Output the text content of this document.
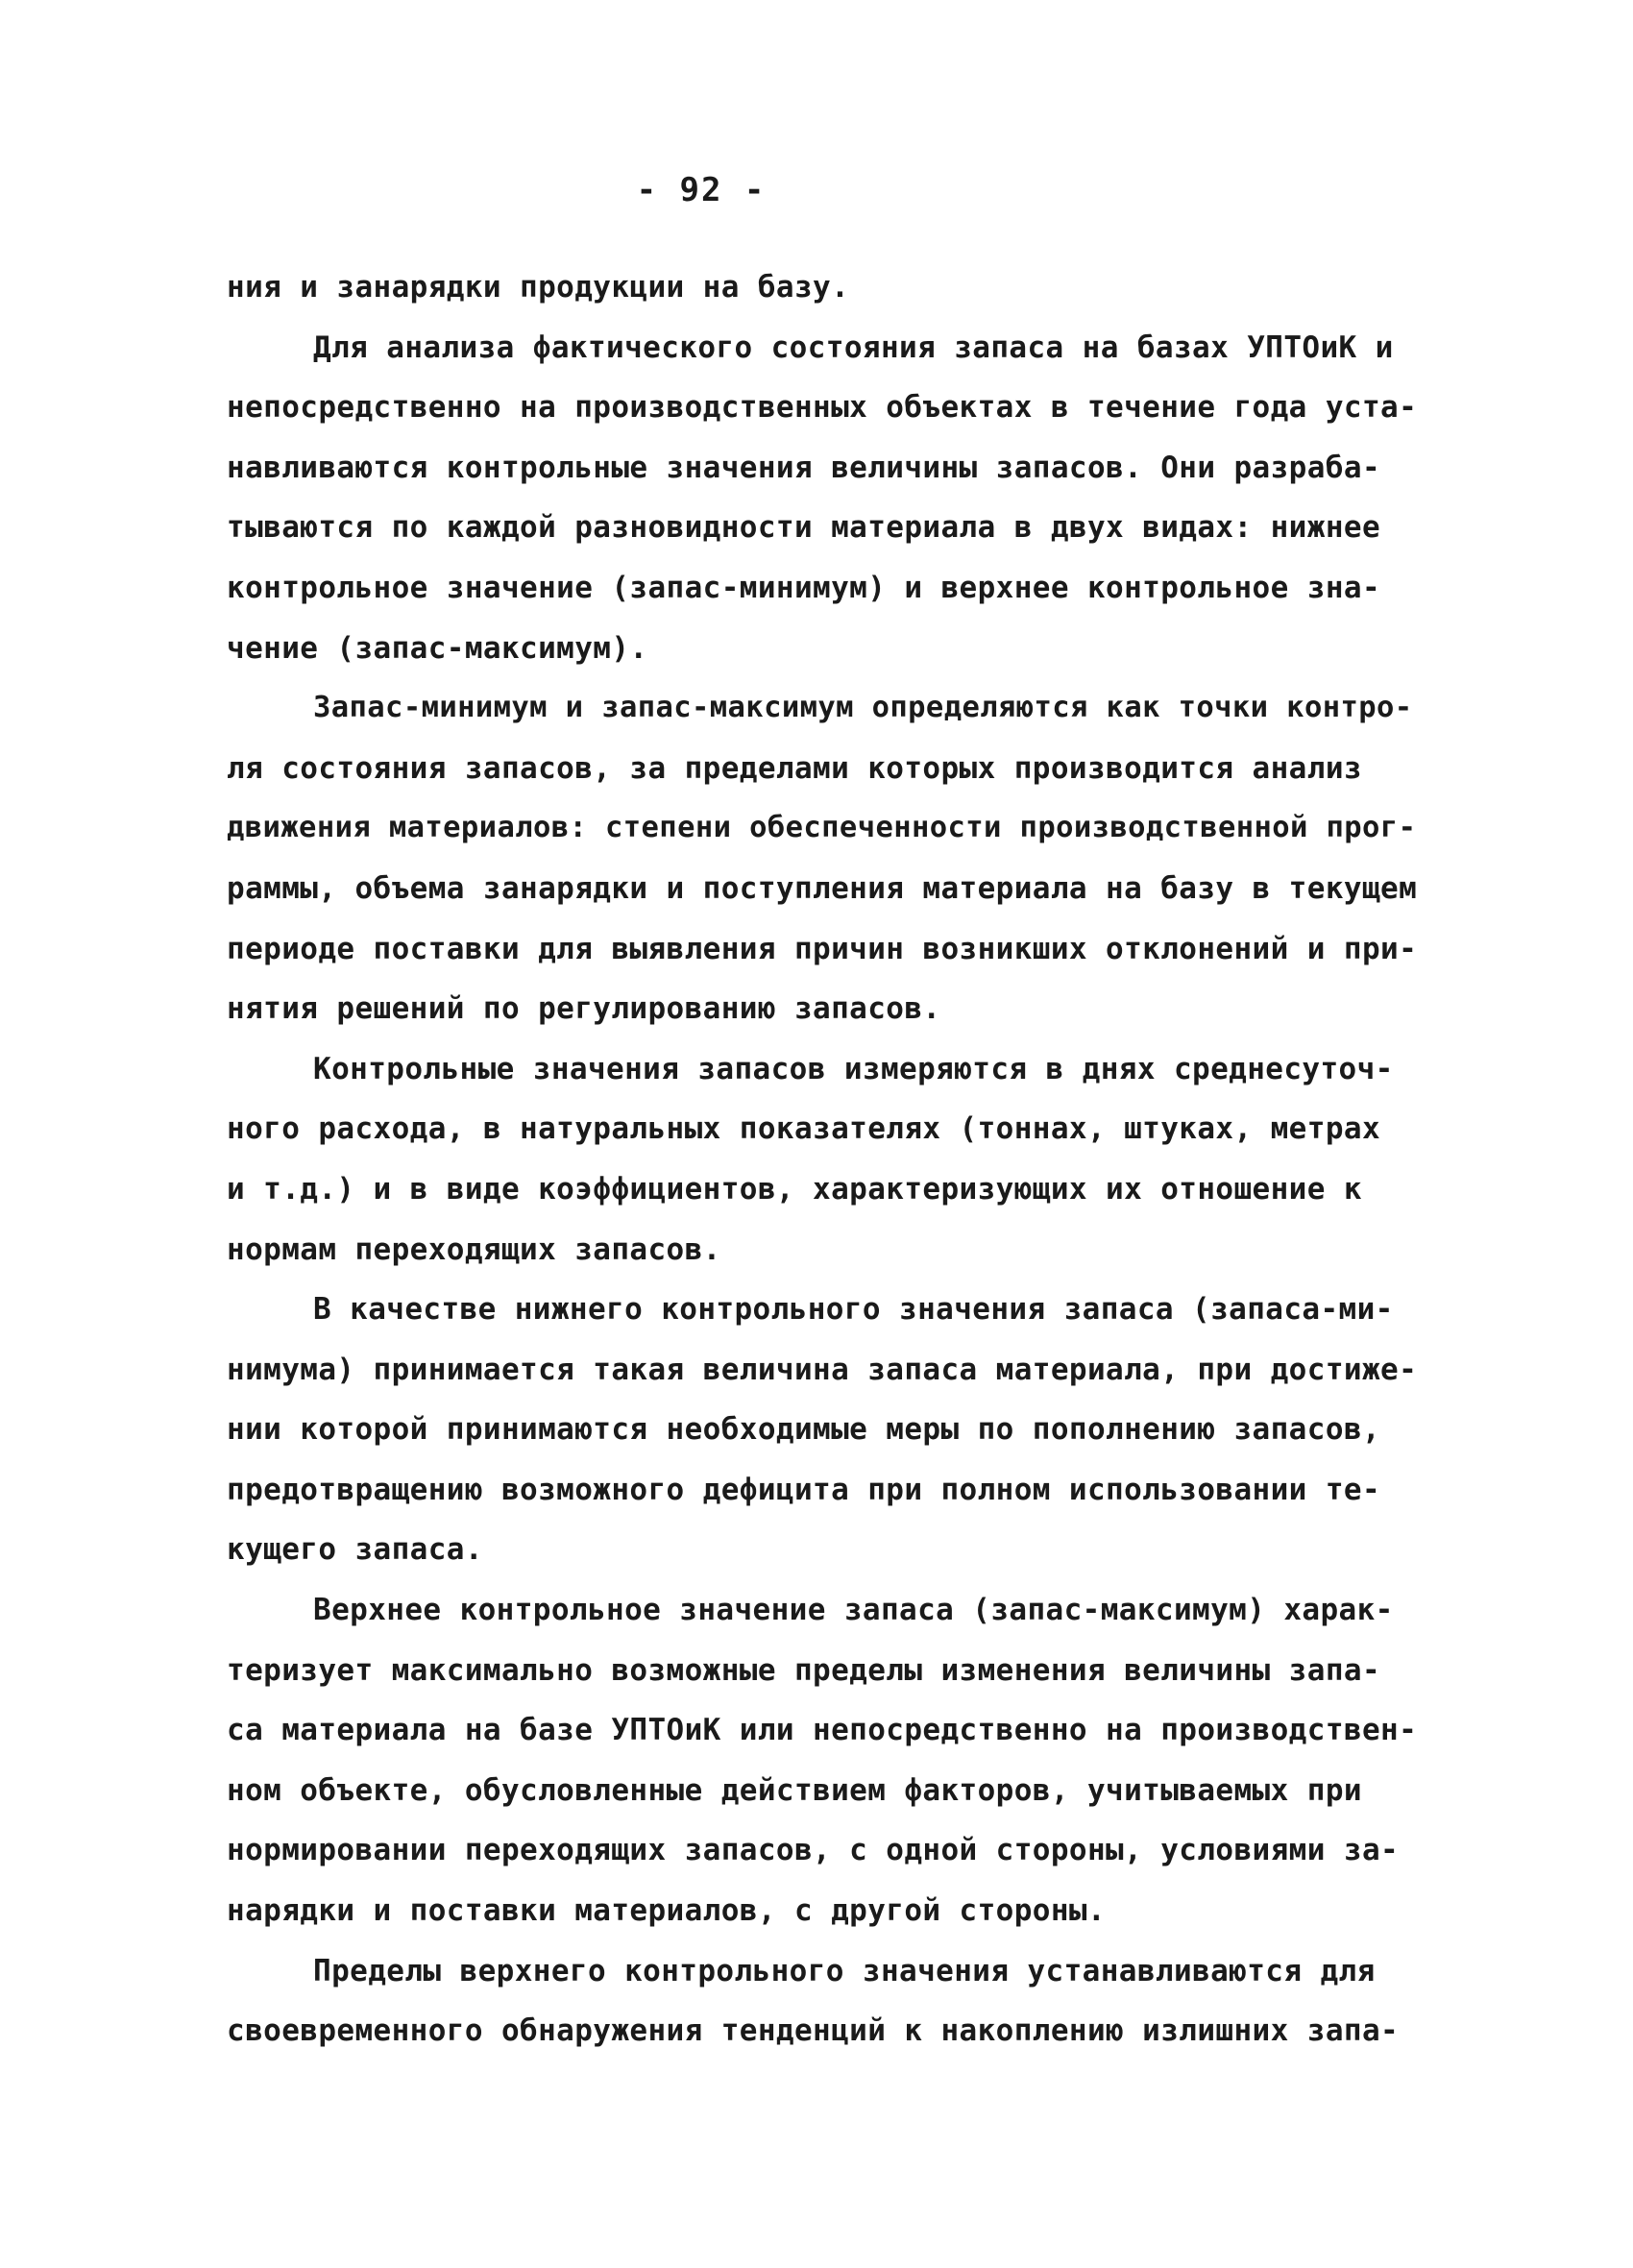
- 92 -
ния и занарядки продукции на базу.
Для анализа фактического состояния запаса на базах УПТОиК и
непосредственно на производственных объектах в течение года уста-
навливаются контрольные значения величины запасов. Они разраба-
тываются по каждой разновидности материала в двух видах: нижнее
контрольное значение (запас-минимум) и верхнее контрольное зна-
чение (запас-максимум).
Запас-минимум и запас-максимум определяются как точки контро-
ля состояния запасов, за пределами которых производится анализ
движения материалов: степени обеспеченности производственной прог-
раммы, объема занарядки и поступления материала на базу в текущем
периоде поставки для выявления причин возникших отклонений и при-
нятия решений по регулированию запасов.
Контрольные значения запасов измеряются в днях среднесуточ-
ного расхода, в натуральных показателях (тоннах, штуках, метрах
и т.д.) и в виде коэффициентов, характеризующих их отношение к
нормам переходящих запасов.
В качестве нижнего контрольного значения запаса (запаса-ми-
нимума) принимается такая величина запаса материала, при достиже-
нии которой принимаются необходимые меры по пополнению запасов,
предотвращению возможного дефицита при полном использовании те-
кущего запаса.
Верхнее контрольное значение запаса (запас-максимум) харак-
теризует максимально возможные пределы изменения величины запа-
са материала на базе УПТОиК или непосредственно на производствен-
ном объекте, обусловленные действием факторов, учитываемых при
нормировании переходящих запасов, с одной стороны, условиями за-
нарядки и поставки материалов, с другой стороны.
Пределы верхнего контрольного значения устанавливаются для
своевременного обнаружения тенденций к накоплению излишних запа-
